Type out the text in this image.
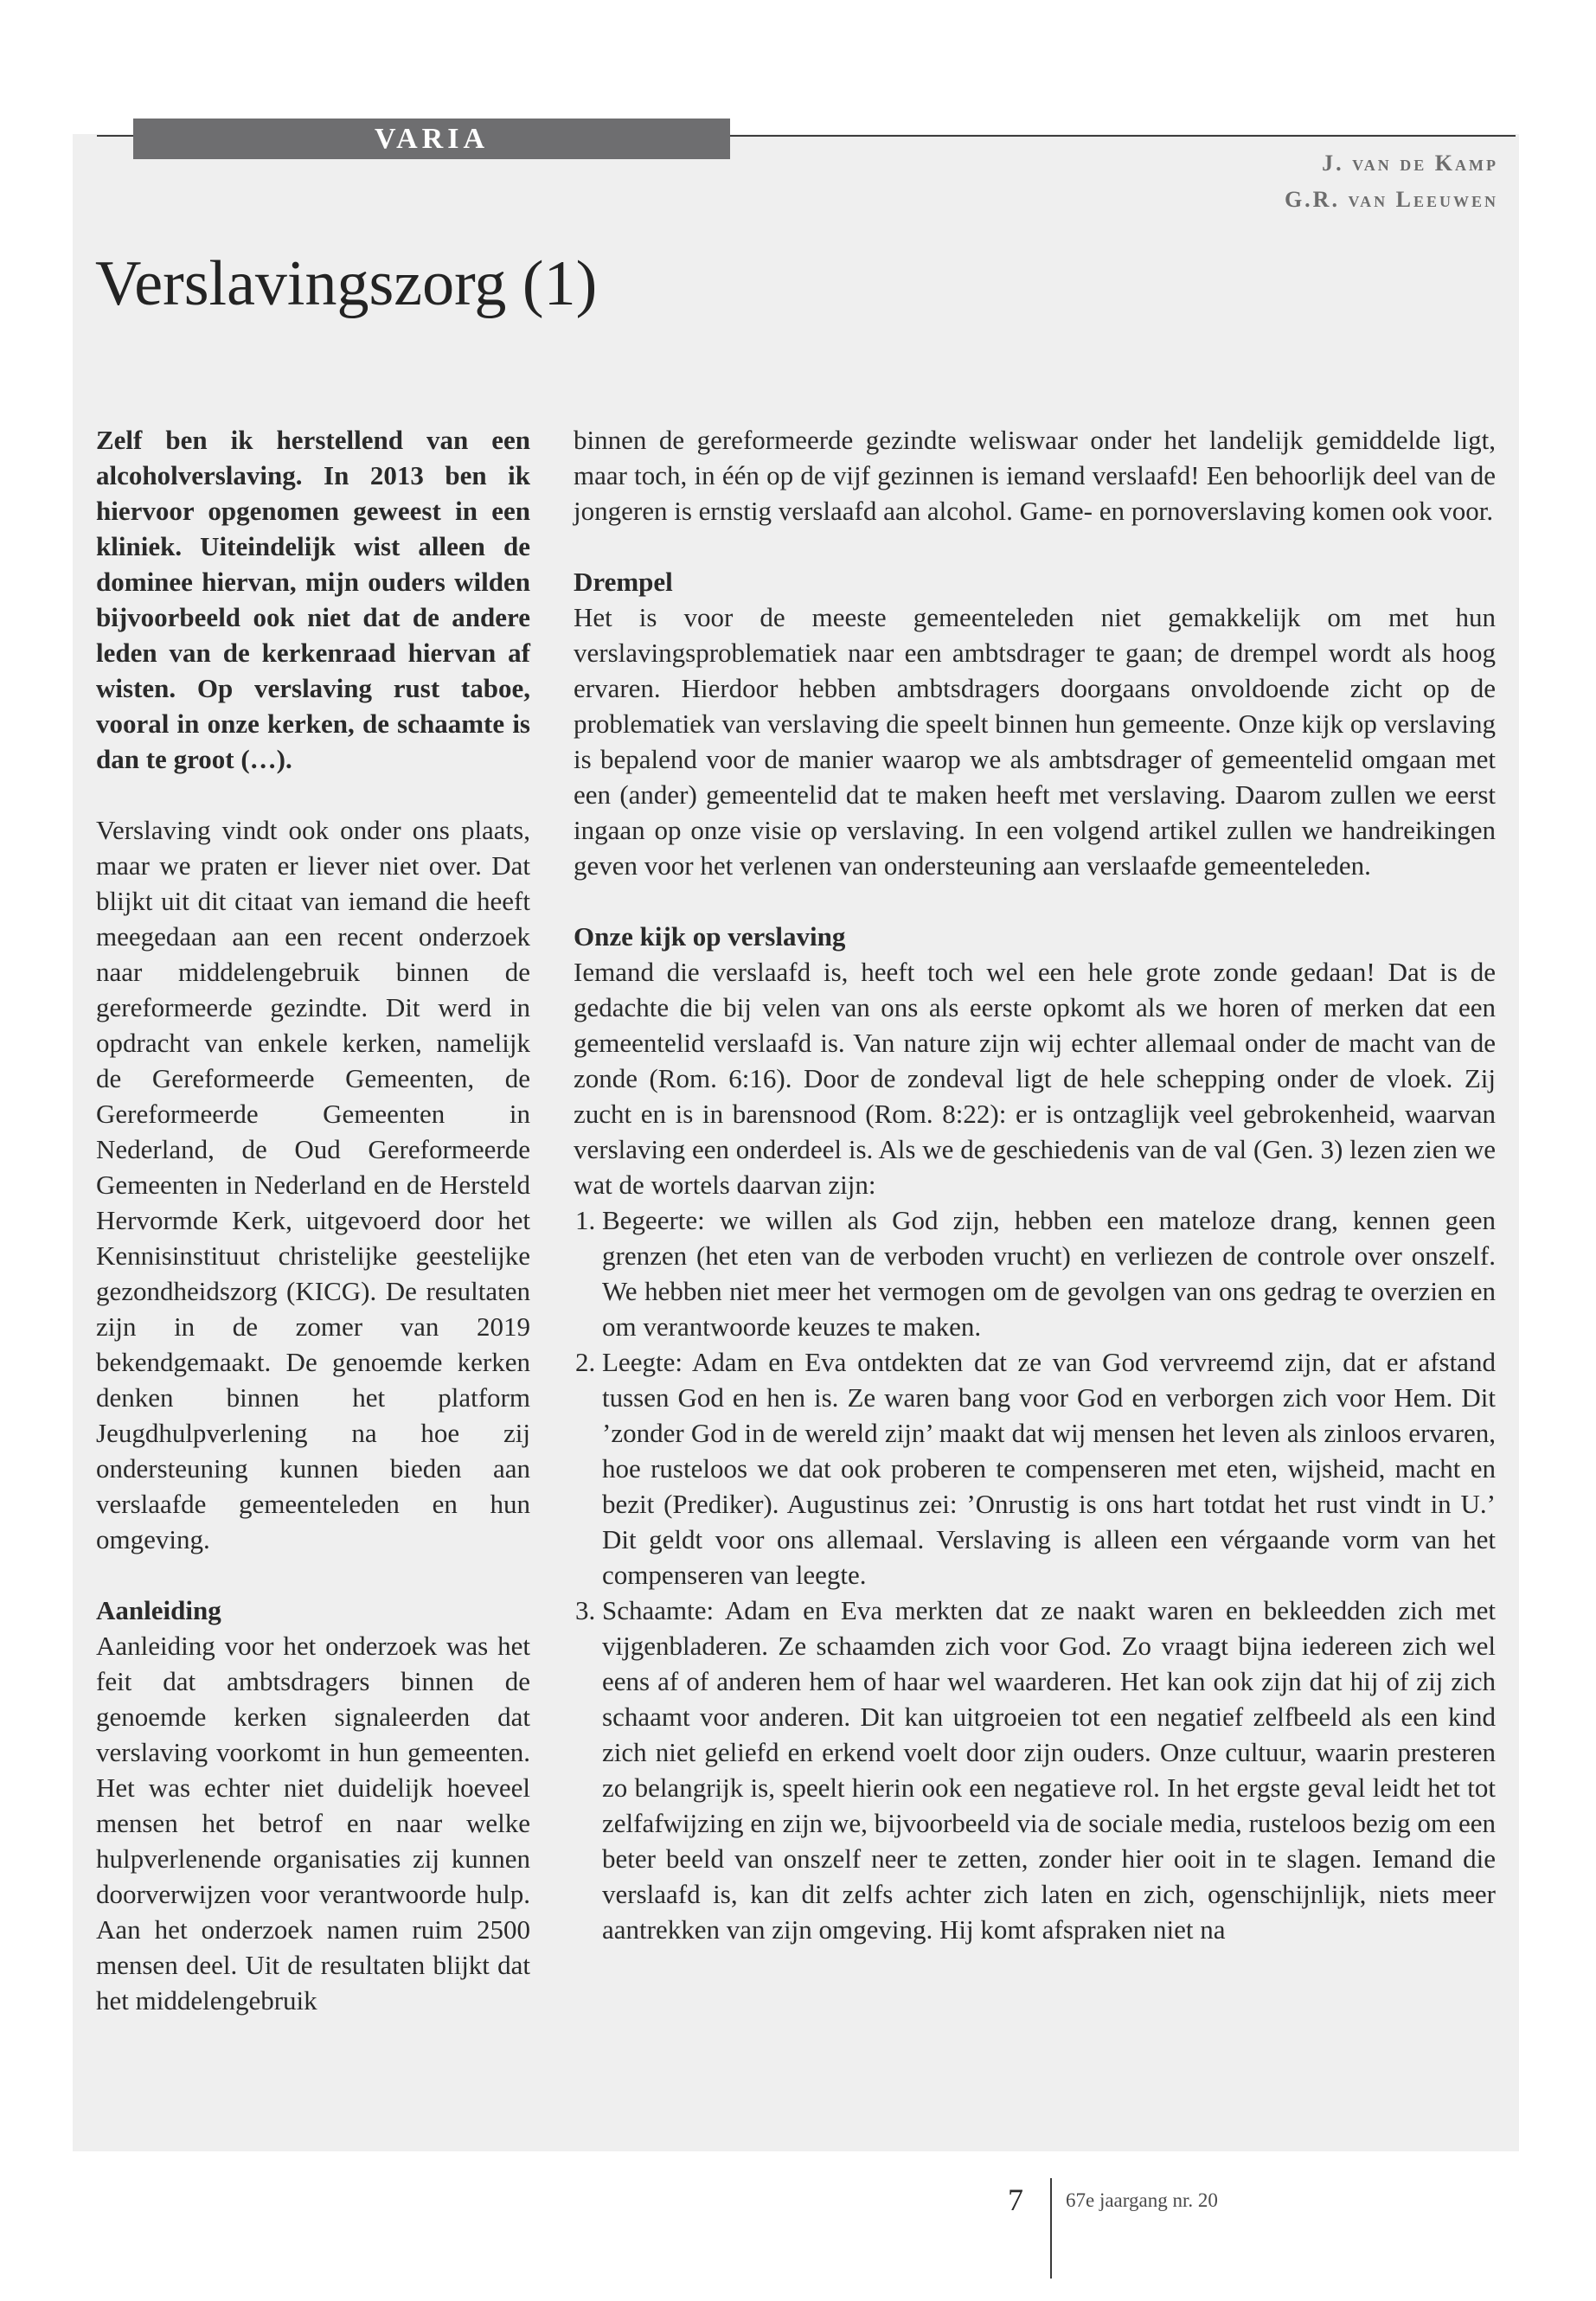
VARIA
J. van de Kamp
G.R. van Leeuwen
Verslavingszorg (1)

Zelf ben ik herstellend van een alcoholverslaving. In 2013 ben ik hiervoor opgenomen geweest in een kliniek. Uiteindelijk wist alleen de dominee hiervan, mijn ouders wilden bijvoorbeeld ook niet dat de andere leden van de kerkenraad hiervan af wisten. Op verslaving rust taboe, vooral in onze kerken, de schaamte is dan te groot (…).

Verslaving vindt ook onder ons plaats, maar we praten er liever niet over. Dat blijkt uit dit citaat van iemand die heeft meegedaan aan een recent onderzoek naar middelengebruik binnen de gereformeerde gezindte. Dit werd in opdracht van enkele kerken, namelijk de Gereformeerde Gemeenten, de Gereformeerde Gemeenten in Nederland, de Oud Gereformeerde Gemeenten in Nederland en de Hersteld Hervormde Kerk, uitgevoerd door het Kennisinstituut christelijke geestelijke gezondheidszorg (KICG). De resultaten zijn in de zomer van 2019 bekendgemaakt. De genoemde kerken denken binnen het platform Jeugdhulpverlening na hoe zij ondersteuning kunnen bieden aan verslaafde gemeenteleden en hun omgeving.

Aanleiding

Aanleiding voor het onderzoek was het feit dat ambtsdragers binnen de genoemde kerken signaleerden dat verslaving voorkomt in hun gemeenten. Het was echter niet duidelijk hoeveel mensen het betrof en naar welke hulpverlenende organisaties zij kunnen doorverwijzen voor verantwoorde hulp. Aan het onderzoek namen ruim 2500 mensen deel. Uit de resultaten blijkt dat het middelengebruik

binnen de gereformeerde gezindte weliswaar onder het landelijk gemiddelde ligt, maar toch, in één op de vijf gezinnen is iemand verslaafd! Een behoorlijk deel van de jongeren is ernstig verslaafd aan alcohol. Game- en pornoverslaving komen ook voor.

Drempel

Het is voor de meeste gemeenteleden niet gemakkelijk om met hun verslavingsproblematiek naar een ambtsdrager te gaan; de drempel wordt als hoog ervaren. Hierdoor hebben ambtsdragers doorgaans onvoldoende zicht op de problematiek van verslaving die speelt binnen hun gemeente. Onze kijk op verslaving is bepalend voor de manier waarop we als ambtsdrager of gemeentelid omgaan met een (ander) gemeentelid dat te maken heeft met verslaving. Daarom zullen we eerst ingaan op onze visie op verslaving. In een volgend artikel zullen we handreikingen geven voor het verlenen van ondersteuning aan verslaafde gemeenteleden.

Onze kijk op verslaving

Iemand die verslaafd is, heeft toch wel een hele grote zonde gedaan! Dat is de gedachte die bij velen van ons als eerste opkomt als we horen of merken dat een gemeentelid verslaafd is. Van nature zijn wij echter allemaal onder de macht van de zonde (Rom. 6:16). Door de zondeval ligt de hele schepping onder de vloek. Zij zucht en is in barensnood (Rom. 8:22): er is ontzaglijk veel gebrokenheid, waarvan verslaving een onderdeel is. Als we de geschiedenis van de val (Gen. 3) lezen zien we wat de wortels daarvan zijn:

1. Begeerte: we willen als God zijn, hebben een mateloze drang, kennen geen grenzen (het eten van de verboden vrucht) en verliezen de controle over onszelf. We hebben niet meer het vermogen om de gevolgen van ons gedrag te overzien en om verantwoorde keuzes te maken.
2. Leegte: Adam en Eva ontdekten dat ze van God vervreemd zijn, dat er afstand tussen God en hen is. Ze waren bang voor God en verborgen zich voor Hem. Dit ’zonder God in de wereld zijn’ maakt dat wij mensen het leven als zinloos ervaren, hoe rusteloos we dat ook proberen te compenseren met eten, wijsheid, macht en bezit (Prediker). Augustinus zei: ’Onrustig is ons hart totdat het rust vindt in U.’ Dit geldt voor ons allemaal. Verslaving is alleen een vérgaande vorm van het compenseren van leegte.
3. Schaamte: Adam en Eva merkten dat ze naakt waren en bekleedden zich met vijgenbladeren. Ze schaamden zich voor God. Zo vraagt bijna iedereen zich wel eens af of anderen hem of haar wel waarderen. Het kan ook zijn dat hij of zij zich schaamt voor anderen. Dit kan uitgroeien tot een negatief zelfbeeld als een kind zich niet geliefd en erkend voelt door zijn ouders. Onze cultuur, waarin presteren zo belangrijk is, speelt hierin ook een negatieve rol. In het ergste geval leidt het tot zelfafwijzing en zijn we, bijvoorbeeld via de sociale media, rusteloos bezig om een beter beeld van onszelf neer te zetten, zonder hier ooit in te slagen. Iemand die verslaafd is, kan dit zelfs achter zich laten en zich, ogenschijnlijk, niets meer aantrekken van zijn omgeving. Hij komt afspraken niet na
7 67e jaargang nr. 20
